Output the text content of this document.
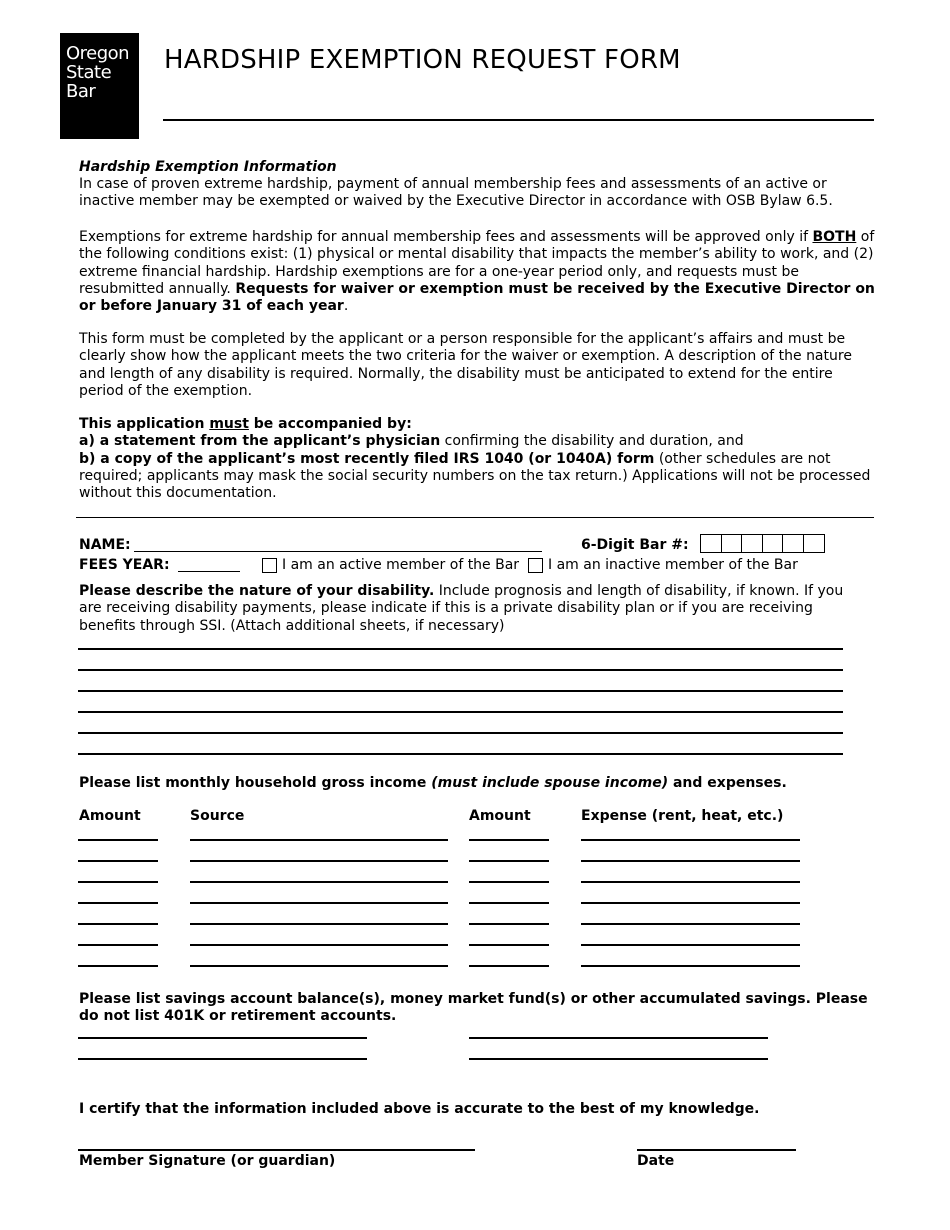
Oregon
State
Bar
HARDSHIP EXEMPTION REQUEST FORM

Hardship Exemption Information

In case of proven extreme hardship, payment of annual membership fees and assessments of an active or inactive member may be exempted or waived by the Executive Director in accordance with OSB Bylaw 6.5.

Exemptions for extreme hardship for annual membership fees and assessments will be approved only if BOTH of the following conditions exist: (1) physical or mental disability that impacts the member’s ability to work, and (2) extreme financial hardship. Hardship exemptions are for a one-year period only, and requests must be resubmitted annually. Requests for waiver or exemption must be received by the Executive Director on or before January 31 of each year.

This form must be completed by the applicant or a person responsible for the applicant’s affairs and must be clearly show how the applicant meets the two criteria for the waiver or exemption. A description of the nature and length of any disability is required. Normally, the disability must be anticipated to extend for the entire period of the exemption.

This application must be accompanied by:
a) a statement from the applicant’s physician confirming the disability and duration, and
b) a copy of the applicant’s most recently filed IRS 1040 (or 1040A) form (other schedules are not required; applicants may mask the social security numbers on the tax return.) Applications will not be processed without this documentation.

NAME:	6-Digit Bar #:
FEES YEAR:	I am an active member of the Bar I am an inactive member of the Bar

Please describe the nature of your disability. Include prognosis and length of disability, if known. If you are receiving disability payments, please indicate if this is a private disability plan or if you are receiving benefits through SSI. (Attach additional sheets, if necessary)

Please list monthly household gross income (must include spouse income) and expenses.

Amount	Source	Amount	Expense (rent, heat, etc.)

Please list savings account balance(s), money market fund(s) or other accumulated savings. Please do not list 401K or retirement accounts.

I certify that the information included above is accurate to the best of my knowledge.

Member Signature (or guardian)	Date
